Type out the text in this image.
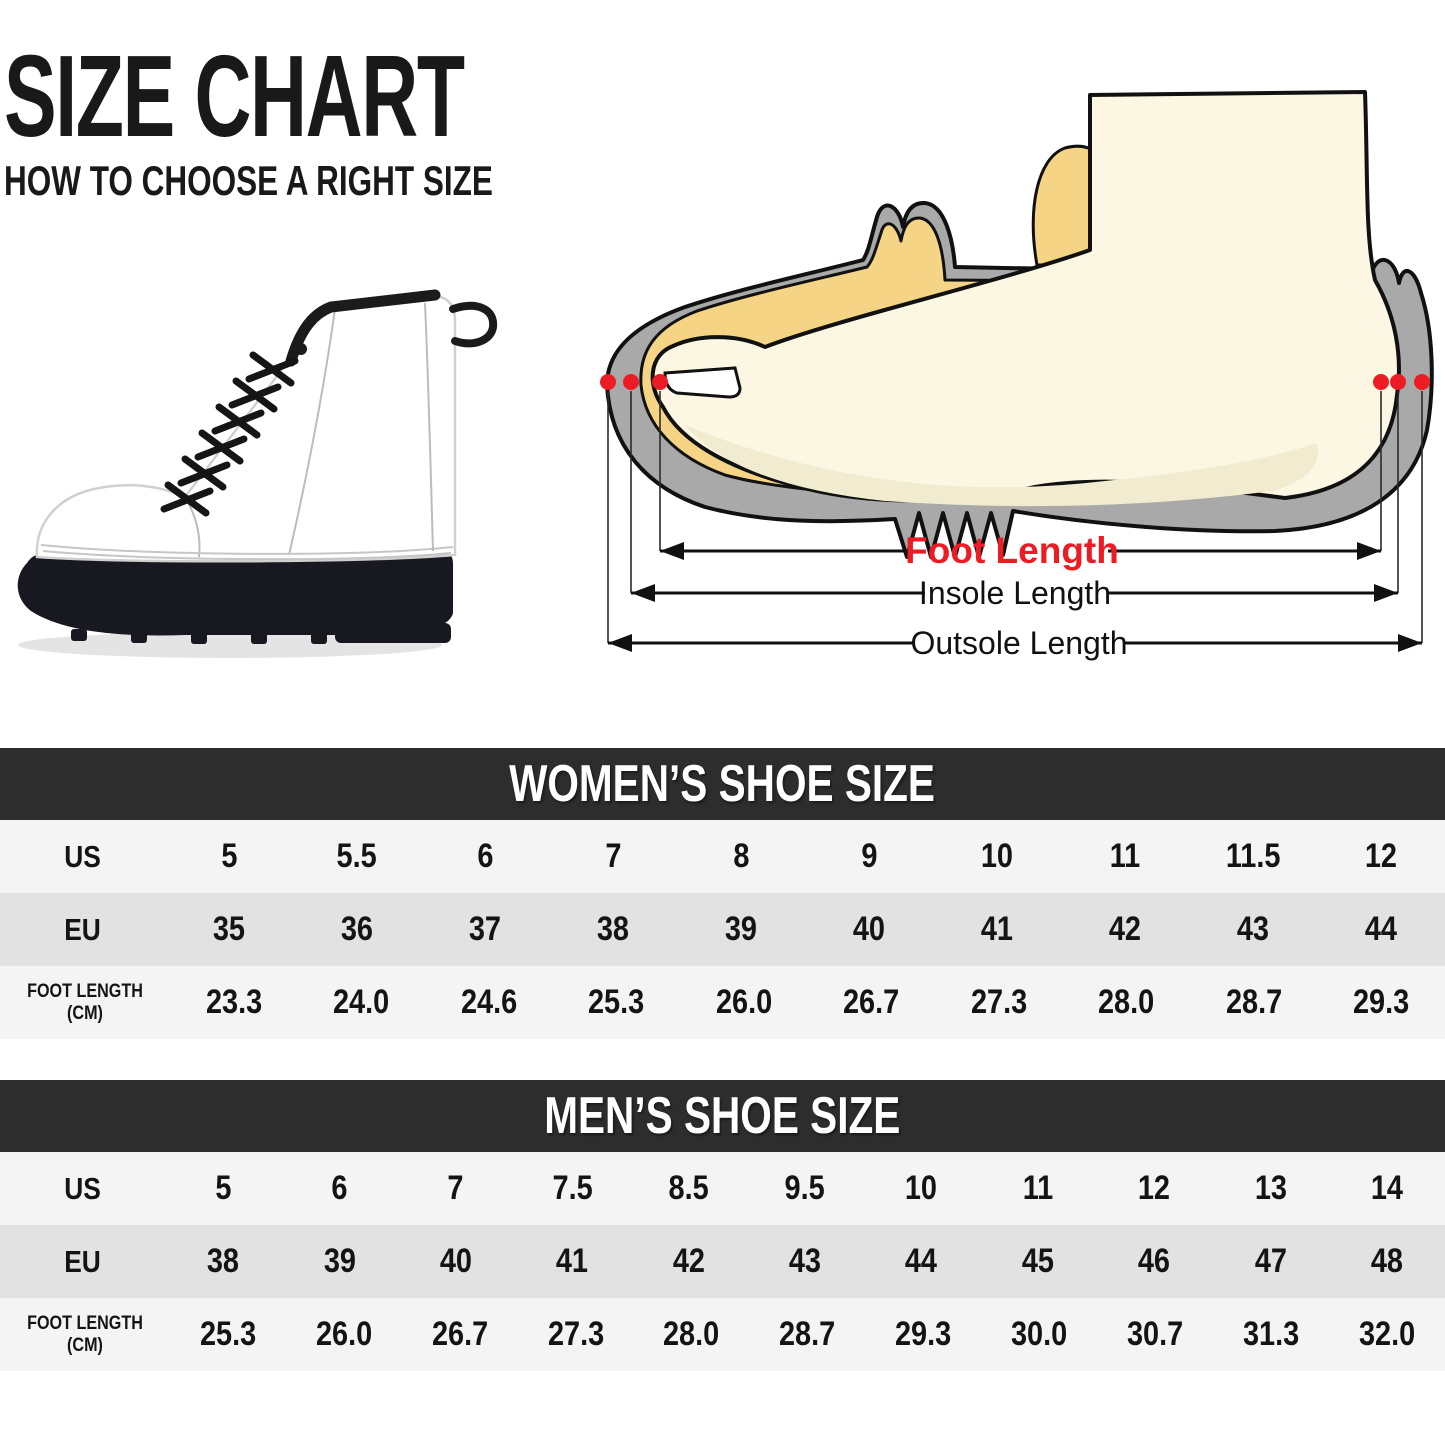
SIZE CHART
HOW TO CHOOSE A RIGHT SIZE
Foot Length
Insole Length
Outsole Length
WOMEN’S SHOE SIZE
US	5	5.5	6	7	8	9	10	11	11.5 12
EU	35	36	37	38	39	40	41	42	43	44
FOOT LENGTH (CM)	23.3 24.0 24.6 25.3 26.0 26.7 27.3 28.0 28.7 29.3
MEN’S SHOE SIZE
US	5	6	7	7.5 8.5 9.5 10	11	12 13 14
EU	38 39 40 41 42 43 44 45 46 47 48
FOOT LENGTH (CM)	25.3 26.0 26.7 27.3 28.0 28.7 29.3 30.0 30.7 31.3 32.0
